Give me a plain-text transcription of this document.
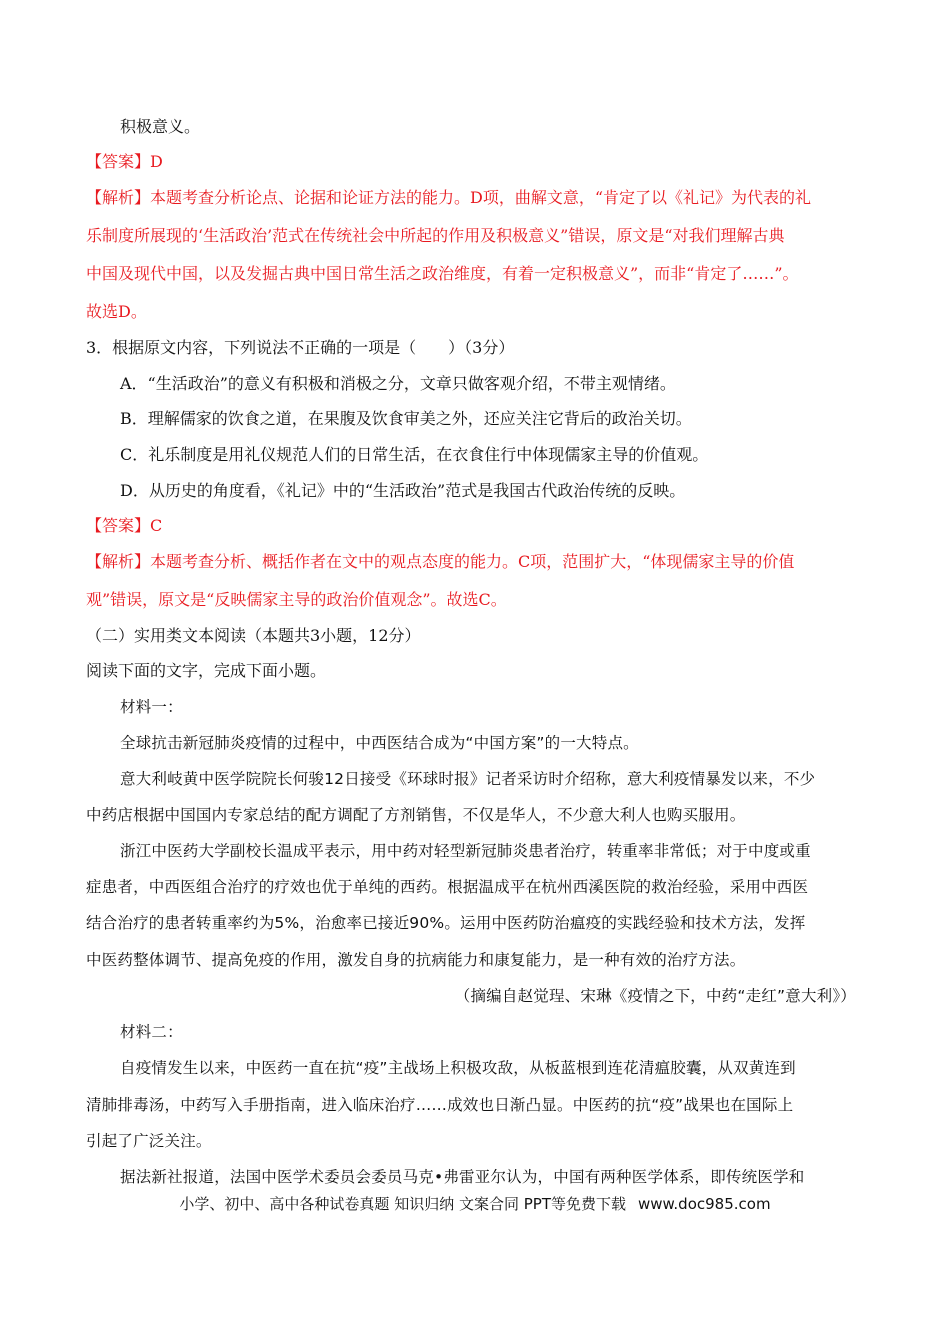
积极意义。
【答案】D
【解析】本题考查分析论点、论据和论证方法的能力。D项，曲解文意，“肯定了以《礼记》为代表的礼
乐制度所展现的‘生活政治’范式在传统社会中所起的作用及积极意义”错误，原文是“对我们理解古典
中国及现代中国，以及发掘古典中国日常生活之政治维度，有着一定积极意义”，而非“肯定了……”。
故选D。
3．根据原文内容，下列说法不正确的一项是（　　）（3分）
A．“生活政治”的意义有积极和消极之分，文章只做客观介绍，不带主观情绪。
B．理解儒家的饮食之道，在果腹及饮食审美之外，还应关注它背后的政治关切。
C．礼乐制度是用礼仪规范人们的日常生活，在衣食住行中体现儒家主导的价值观。
D．从历史的角度看，《礼记》中的“生活政治”范式是我国古代政治传统的反映。
【答案】C
【解析】本题考查分析、概括作者在文中的观点态度的能力。C项，范围扩大，“体现儒家主导的价值
观”错误，原文是“反映儒家主导的政治价值观念”。故选C。
（二）实用类文本阅读（本题共3小题，12分）
阅读下面的文字，完成下面小题。
材料一：
全球抗击新冠肺炎疫情的过程中，中西医结合成为“中国方案”的一大特点。
意大利岐黄中医学院院长何骏12日接受《环球时报》记者采访时介绍称，意大利疫情暴发以来，不少
中药店根据中国国内专家总结的配方调配了方剂销售，不仅是华人，不少意大利人也购买服用。
浙江中医药大学副校长温成平表示，用中药对轻型新冠肺炎患者治疗，转重率非常低；对于中度或重
症患者，中西医组合治疗的疗效也优于单纯的西药。根据温成平在杭州西溪医院的救治经验，采用中西医
结合治疗的患者转重率约为5%，治愈率已接近90%。运用中医药防治瘟疫的实践经验和技术方法，发挥
中医药整体调节、提高免疫的作用，激发自身的抗病能力和康复能力，是一种有效的治疗方法。
（摘编自赵觉珵、宋琳《疫情之下，中药“走红”意大利》）
材料二：
自疫情发生以来，中医药一直在抗“疫”主战场上积极攻敌，从板蓝根到连花清瘟胶囊，从双黄连到
清肺排毒汤，中药写入手册指南，进入临床治疗……成效也日渐凸显。中医药的抗“疫”战果也在国际上
引起了广泛关注。
据法新社报道，法国中医学术委员会委员马克•弗雷亚尔认为，中国有两种医学体系，即传统医学和
小学、初中、高中各种试卷真题 知识归纳 文案合同 PPT等免费下载 www.doc985.com
